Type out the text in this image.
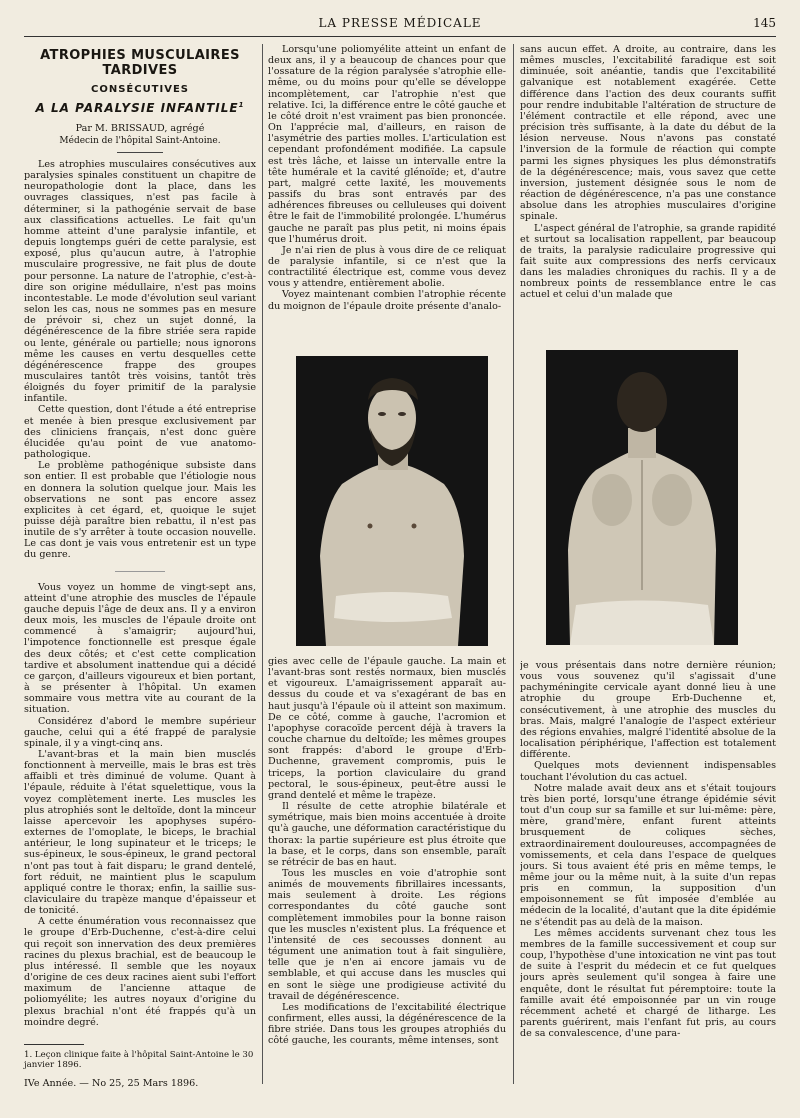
LA PRESSE MÉDICALE	145
ATROPHIES MUSCULAIRES TARDIVES
CONSÉCUTIVES
A LA PARALYSIE INFANTILE$^1$
Par M. BRISSAUD, agrégé
Médecin de l'hôpital Saint-Antoine.

Les atrophies musculaires consécutives aux paralysies spinales constituent un chapitre de neuropathologie dont la place, dans les ouvrages classiques, n'est pas facile à déterminer, si la pathogénie servait de base aux classifications actuelles. Le fait qu'un homme atteint d'une paralysie infantile, et depuis longtemps guéri de cette paralysie, est exposé, plus qu'aucun autre, à l'atrophie musculaire progressive, ne fait plus de doute pour personne. La nature de l'atrophie, c'est-à-dire son origine médullaire, n'est pas moins incontestable. Le mode d'évolution seul variant selon les cas, nous ne sommes pas en mesure de prévoir si, chez un sujet donné, la dégénérescence de la fibre striée sera rapide ou lente, générale ou partielle; nous ignorons même les causes en vertu desquelles cette dégénérescence frappe des groupes musculaires tantôt très voisins, tantôt très éloignés du foyer primitif de la paralysie infantile.

Cette question, dont l'étude a été entreprise et menée à bien presque exclusivement par des cliniciens français, n'est donc guère élucidée qu'au point de vue anatomo-pathologique.

Le problème pathogénique subsiste dans son entier. Il est probable que l'étiologie nous en donnera la solution quelque jour. Mais les observations ne sont pas encore assez explicites à cet égard, et, quoique le sujet puisse déjà paraître bien rebattu, il n'est pas inutile de s'y arrêter à toute occasion nouvelle. Le cas dont je vais vous entretenir est un type du genre.

Vous voyez un homme de vingt-sept ans, atteint d'une atrophie des muscles de l'épaule gauche depuis l'âge de deux ans. Il y a environ deux mois, les muscles de l'épaule droite ont commencé à s'amaigrir; aujourd'hui, l'impotence fonctionnelle est presque égale des deux côtés; et c'est cette complication tardive et absolument inattendue qui a décidé ce garçon, d'ailleurs vigoureux et bien portant, à se présenter à l'hôpital. Un examen sommaire vous mettra vite au courant de la situation.

Considérez d'abord le membre supérieur gauche, celui qui a été frappé de paralysie spinale, il y a vingt-cinq ans.

L'avant-bras et la main bien musclés fonctionnent à merveille, mais le bras est très affaibli et très diminué de volume. Quant à l'épaule, réduite à l'état squelettique, vous la voyez complètement inerte. Les muscles les plus atrophiés sont le deltoïde, dont la minceur laisse apercevoir les apophyses supéro-externes de l'omoplate, le biceps, le brachial antérieur, le long supinateur et le triceps; le sus-épineux, le sous-épineux, le grand pectoral n'ont pas tout à fait disparu; le grand dentelé, fort réduit, ne maintient plus le scapulum appliqué contre le thorax; enfin, la saillie sus-claviculaire du trapèze manque d'épaisseur et de tonicité.

A cette énumération vous reconnaissez que le groupe d'Erb-Duchenne, c'est-à-dire celui qui reçoit son innervation des deux premières racines du plexus brachial, est de beaucoup le plus intéressé. Il semble que les noyaux d'origine de ces deux racines aient subi l'effort maximum de l'ancienne attaque de poliomyélite; les autres noyaux d'origine du plexus brachial n'ont été frappés qu'à un moindre degré.

1. Leçon clinique faite à l'hôpital Saint-Antoine le 30 janvier 1896.
IVe Année. — No 25, 25 Mars 1896.

Lorsqu'une poliomyélite atteint un enfant de deux ans, il y a beaucoup de chances pour que l'ossature de la région paralysée s'atrophie elle-même, ou du moins pour qu'elle se développe incomplètement, car l'atrophie n'est que relative. Ici, la différence entre le côté gauche et le côté droit n'est vraiment pas bien prononcée. On l'apprécie mal, d'ailleurs, en raison de l'asymétrie des parties molles. L'articulation est cependant profondément modifiée. La capsule est très lâche, et laisse un intervalle entre la tête humérale et la cavité glénoïde; et, d'autre part, malgré cette laxité, les mouvements passifs du bras sont entravés par des adhérences fibreuses ou celluleuses qui doivent être le fait de l'immobilité prolongée. L'humérus gauche ne paraît pas plus petit, ni moins épais que l'humérus droit.

Je n'ai rien de plus à vous dire de ce reliquat de paralysie infantile, si ce n'est que la contractilité électrique est, comme vous devez vous y attendre, entièrement abolie.

Voyez maintenant combien l'atrophie récente du moignon de l'épaule droite présente d'analo-

gies avec celle de l'épaule gauche. La main et l'avant-bras sont restés normaux, bien musclés et vigoureux. L'amaigrissement apparaît au-dessus du coude et va s'exagérant de bas en haut jusqu'à l'épaule où il atteint son maximum. De ce côté, comme à gauche, l'acromion et l'apophyse coracoïde percent déjà à travers la couche charnue du deltoïde; les mêmes groupes sont frappés: d'abord le groupe d'Erb-Duchenne, gravement compromis, puis le triceps, la portion claviculaire du grand pectoral, le sous-épineux, peut-être aussi le grand dentelé et même le trapèze.

Il résulte de cette atrophie bilatérale et symétrique, mais bien moins accentuée à droite qu'à gauche, une déformation caractéristique du thorax: la partie supérieure est plus étroite que la base, et le corps, dans son ensemble, paraît se rétrécir de bas en haut.

Tous les muscles en voie d'atrophie sont animés de mouvements fibrillaires incessants, mais seulement à droite. Les régions correspondantes du côté gauche sont complètement immobiles pour la bonne raison que les muscles n'existent plus. La fréquence et l'intensité de ces secousses donnent au tégument une animation tout à fait singulière, telle que je n'en ai encore jamais vu de semblable, et qui accuse dans les muscles qui en sont le siège une prodigieuse activité du travail de dégénérescence.

Les modifications de l'excitabilité électrique confirment, elles aussi, la dégénérescence de la fibre striée. Dans tous les groupes atrophiés du côté gauche, les courants, même intenses, sont

sans aucun effet. A droite, au contraire, dans les mêmes muscles, l'excitabilité faradique est soit diminuée, soit anéantie, tandis que l'excitabilité galvanique est notablement exagérée. Cette différence dans l'action des deux courants suffit pour rendre indubitable l'altération de structure de l'élément contractile et elle répond, avec une précision très suffisante, à la date du début de la lésion nerveuse. Nous n'avons pas constaté l'inversion de la formule de réaction qui compte parmi les signes physiques les plus démonstratifs de la dégénérescence; mais, vous savez que cette inversion, justement désignée sous le nom de réaction de dégénérescence, n'a pas une constance absolue dans les atrophies musculaires d'origine spinale.

L'aspect général de l'atrophie, sa grande rapidité et surtout sa localisation rappellent, par beaucoup de traits, la paralysie radiculaire progressive qui fait suite aux compressions des nerfs cervicaux dans les maladies chroniques du rachis. Il y a de nombreux points de ressemblance entre le cas actuel et celui d'un malade que

je vous présentais dans notre dernière réunion; vous vous souvenez qu'il s'agissait d'une pachyméningite cervicale ayant donné lieu à une atrophie du groupe Erb-Duchenne et, consécutivement, à une atrophie des muscles du bras. Mais, malgré l'analogie de l'aspect extérieur des régions envahies, malgré l'identité absolue de la localisation périphérique, l'affection est totalement différente.

Quelques mots deviennent indispensables touchant l'évolution du cas actuel.

Notre malade avait deux ans et s'était toujours très bien porté, lorsqu'une étrange épidémie sévit tout d'un coup sur sa famille et sur lui-même: père, mère, grand'mère, enfant furent atteints brusquement de coliques sèches, extraordinairement douloureuses, accompagnées de vomissements, et cela dans l'espace de quelques jours. Si tous avaient été pris en même temps, le même jour ou la même nuit, à la suite d'un repas pris en commun, la supposition d'un empoisonnement se fût imposée d'emblée au médecin de la localité, d'autant que la dite épidémie ne s'étendit pas au delà de la maison.

Les mêmes accidents survenant chez tous les membres de la famille successivement et coup sur coup, l'hypothèse d'une intoxication ne vint pas tout de suite à l'esprit du médecin et ce fut quelques jours après seulement qu'il songea à faire une enquête, dont le résultat fut péremptoire: toute la famille avait été empoisonnée par un vin rouge récemment acheté et chargé de litharge. Les parents guérirent, mais l'enfant fut pris, au cours de sa convalescence, d'une para-
